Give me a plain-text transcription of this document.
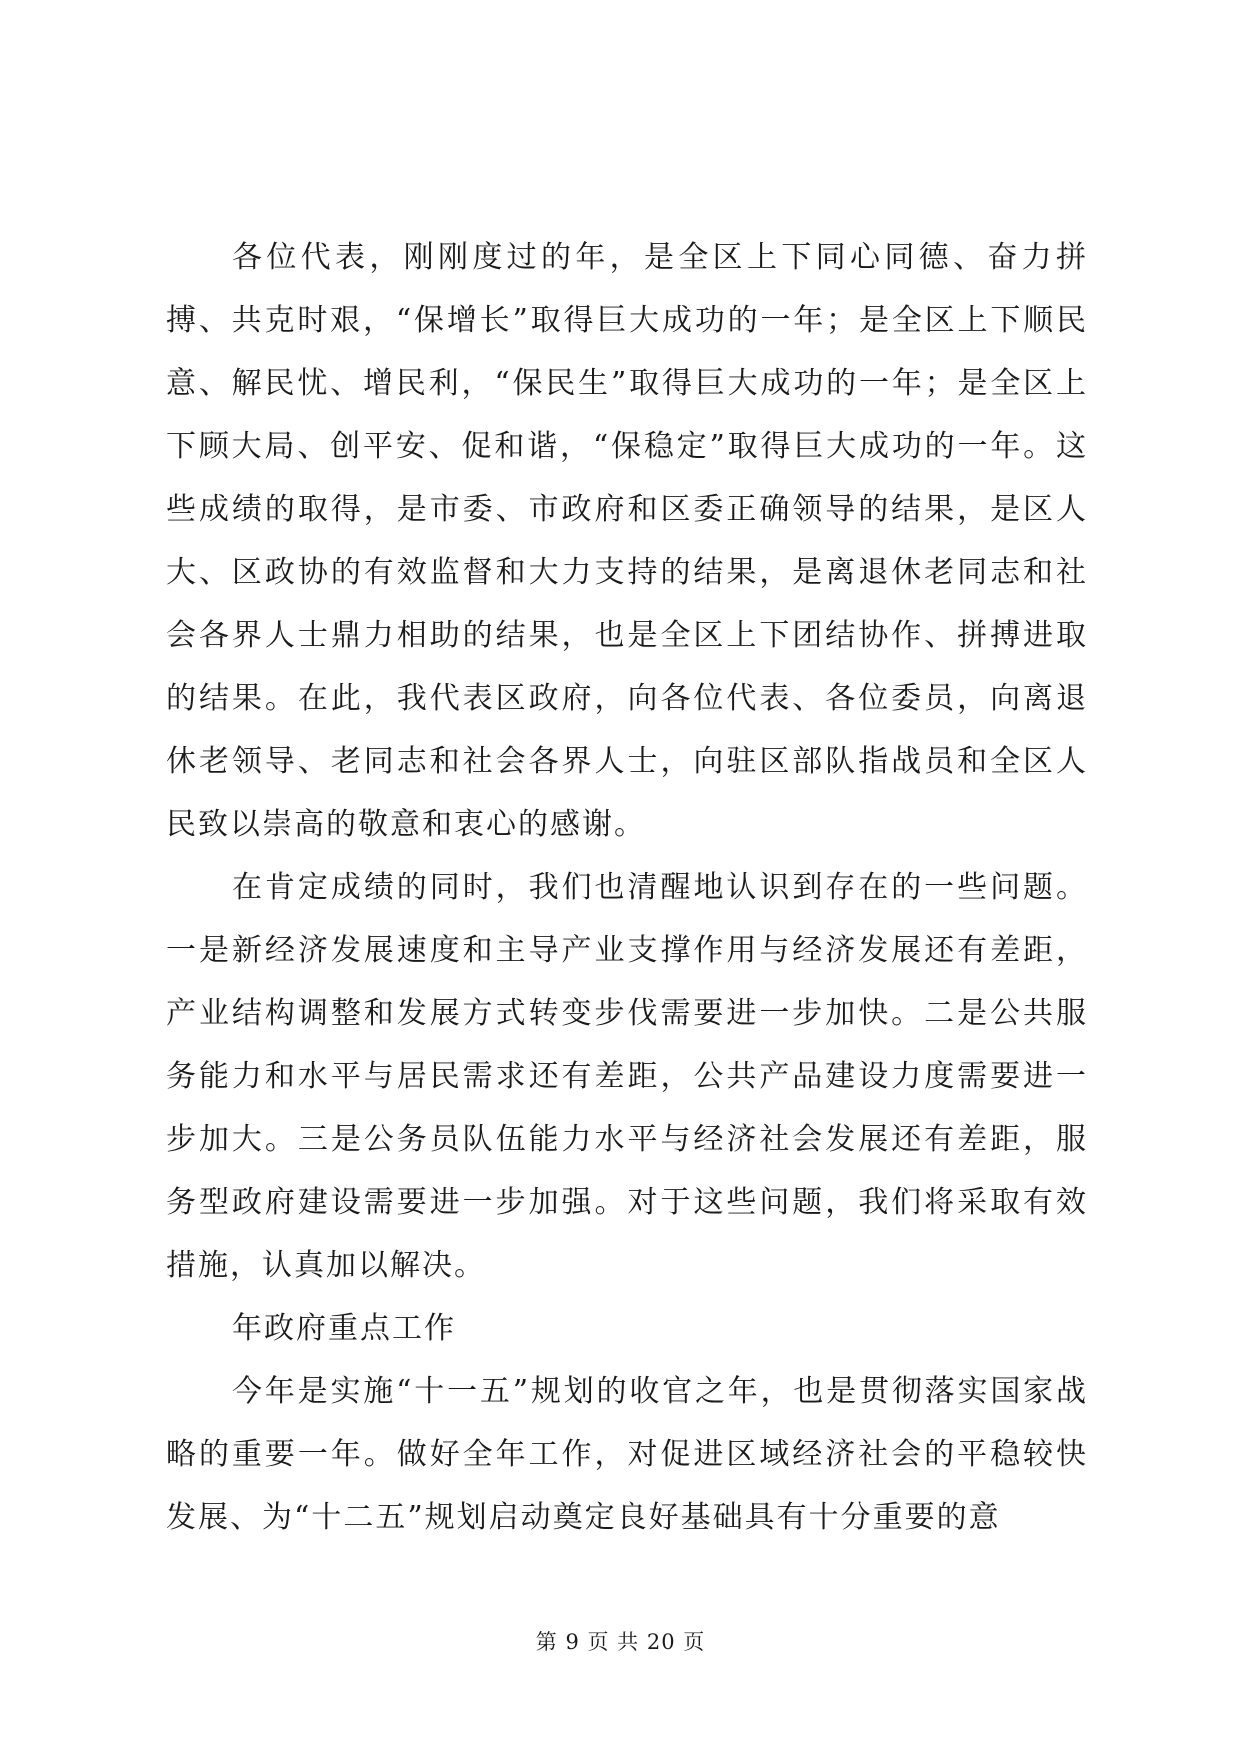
各位代表，刚刚度过的年，是全区上下同心同德、奋力拼搏、共克时艰，“保增长”取得巨大成功的一年；是全区上下顺民意、解民忧、增民利，“保民生”取得巨大成功的一年；是全区上下顾大局、创平安、促和谐，“保稳定”取得巨大成功的一年。这些成绩的取得，是市委、市政府和区委正确领导的结果，是区人大、区政协的有效监督和大力支持的结果，是离退休老同志和社会各界人士鼎力相助的结果，也是全区上下团结协作、拼搏进取的结果。在此，我代表区政府，向各位代表、各位委员，向离退休老领导、老同志和社会各界人士，向驻区部队指战员和全区人民致以崇高的敬意和衷心的感谢。

在肯定成绩的同时，我们也清醒地认识到存在的一些问题。一是新经济发展速度和主导产业支撑作用与经济发展还有差距，产业结构调整和发展方式转变步伐需要进一步加快。二是公共服务能力和水平与居民需求还有差距，公共产品建设力度需要进一步加大。三是公务员队伍能力水平与经济社会发展还有差距，服务型政府建设需要进一步加强。对于这些问题，我们将采取有效措施，认真加以解决。

年政府重点工作

今年是实施“十一五”规划的收官之年，也是贯彻落实国家战略的重要一年。做好全年工作，对促进区域经济社会的平稳较快发展、为“十二五”规划启动奠定良好基础具有十分重要的意

第 9 页 共 20 页
